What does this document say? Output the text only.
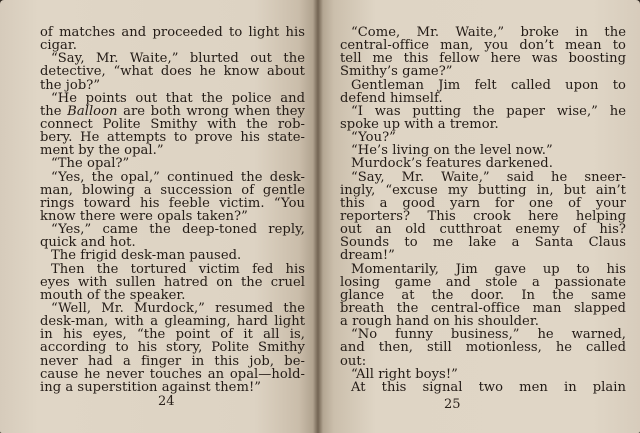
of matches and proceeded to light his
cigar.
“Say, Mr. Waite,” blurted out the
detective, “what does he know about
the job?”
“He points out that the police and
the Balloon are both wrong when they
connect Polite Smithy with the rob-
bery. He attempts to prove his state-
ment by the opal.”
“The opal?”
“Yes, the opal,” continued the desk-
man, blowing a succession of gentle
rings toward his feeble victim. “You
know there were opals taken?”
“Yes,” came the deep-toned reply,
quick and hot.
The frigid desk-man paused.
Then the tortured victim fed his
eyes with sullen hatred on the cruel
mouth of the speaker.
“Well, Mr. Murdock,” resumed the
desk-man, with a gleaming, hard light
in his eyes, “the point of it all is,
according to his story, Polite Smithy
never had a finger in this job, be-
cause he never touches an opal—hold-
ing a superstition against them!”
24
“Come, Mr. Waite,” broke in the
central-office man, you don’t mean to
tell me this fellow here was boosting
Smithy’s game?”
Gentleman Jim felt called upon to
defend himself.
“I was putting the paper wise,” he
spoke up with a tremor.
“You?”
“He’s living on the level now.”
Murdock’s features darkened.
“Say, Mr. Waite,” said he sneer-
ingly, “excuse my butting in, but ain’t
this a good yarn for one of your
reporters? This crook here helping
out an old cutthroat enemy of his?
Sounds to me lake a Santa Claus
dream!”
Momentarily, Jim gave up to his
losing game and stole a passionate
glance at the door. In the same
breath the central-office man slapped
a rough hand on his shoulder.
“No funny business,” he warned,
and then, still motionless, he called
out:
“All right boys!”
At this signal two men in plain
25
